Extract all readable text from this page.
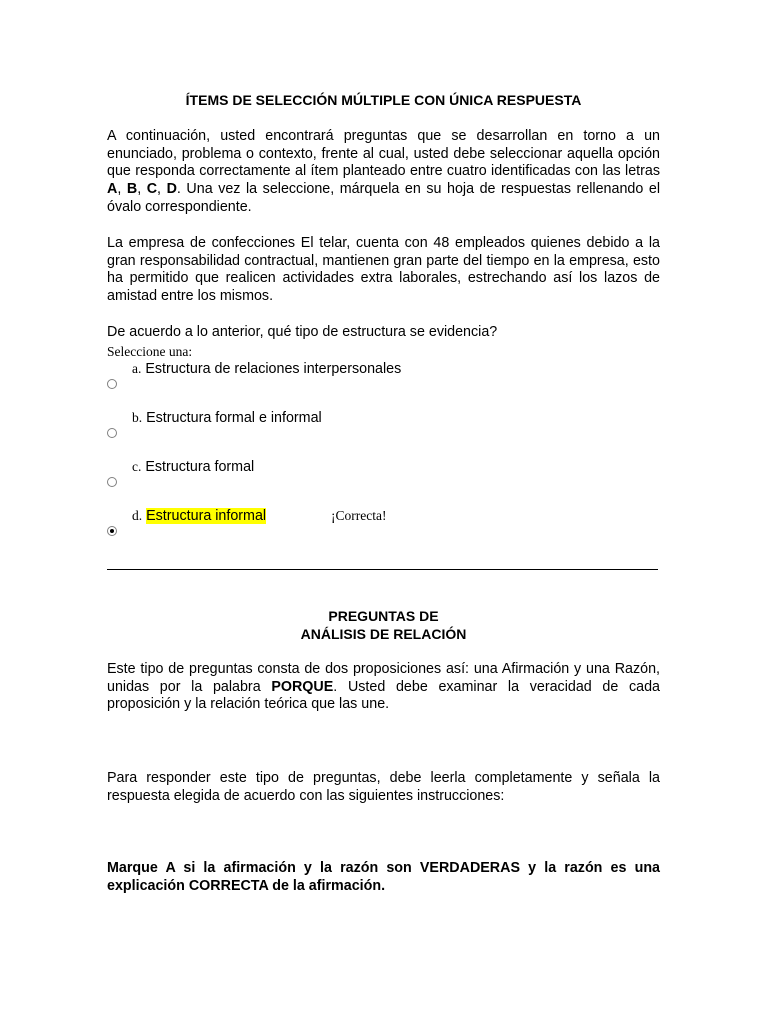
ÍTEMS DE SELECCIÓN MÚLTIPLE CON ÚNICA RESPUESTA
A continuación, usted encontrará preguntas que se desarrollan en torno a un enunciado, problema o contexto, frente al cual, usted debe seleccionar aquella opción que responda correctamente al ítem planteado entre cuatro identificadas con las letras A, B, C, D. Una vez la seleccione, márquela en su hoja de respuestas rellenando el óvalo correspondiente.
La empresa de confecciones El telar, cuenta con 48 empleados quienes debido a la gran responsabilidad contractual, mantienen gran parte del tiempo en la empresa, esto ha permitido que realicen actividades extra laborales, estrechando así los lazos de amistad entre los mismos.
De acuerdo a lo anterior, qué tipo de estructura se evidencia?
Seleccione una:
a. Estructura de relaciones interpersonales
b. Estructura formal e informal
c. Estructura formal
d. Estructura informal	¡Correcta!
PREGUNTAS DE
ANÁLISIS DE RELACIÓN
Este tipo de preguntas consta de dos proposiciones así: una Afirmación y una Razón, unidas por la palabra PORQUE. Usted debe examinar la veracidad de cada proposición y la relación teórica que las une.
Para responder este tipo de preguntas, debe leerla completamente y señala la respuesta elegida de acuerdo con las siguientes instrucciones:
Marque A si la afirmación y la razón son VERDADERAS y la razón es una explicación CORRECTA de la afirmación.
